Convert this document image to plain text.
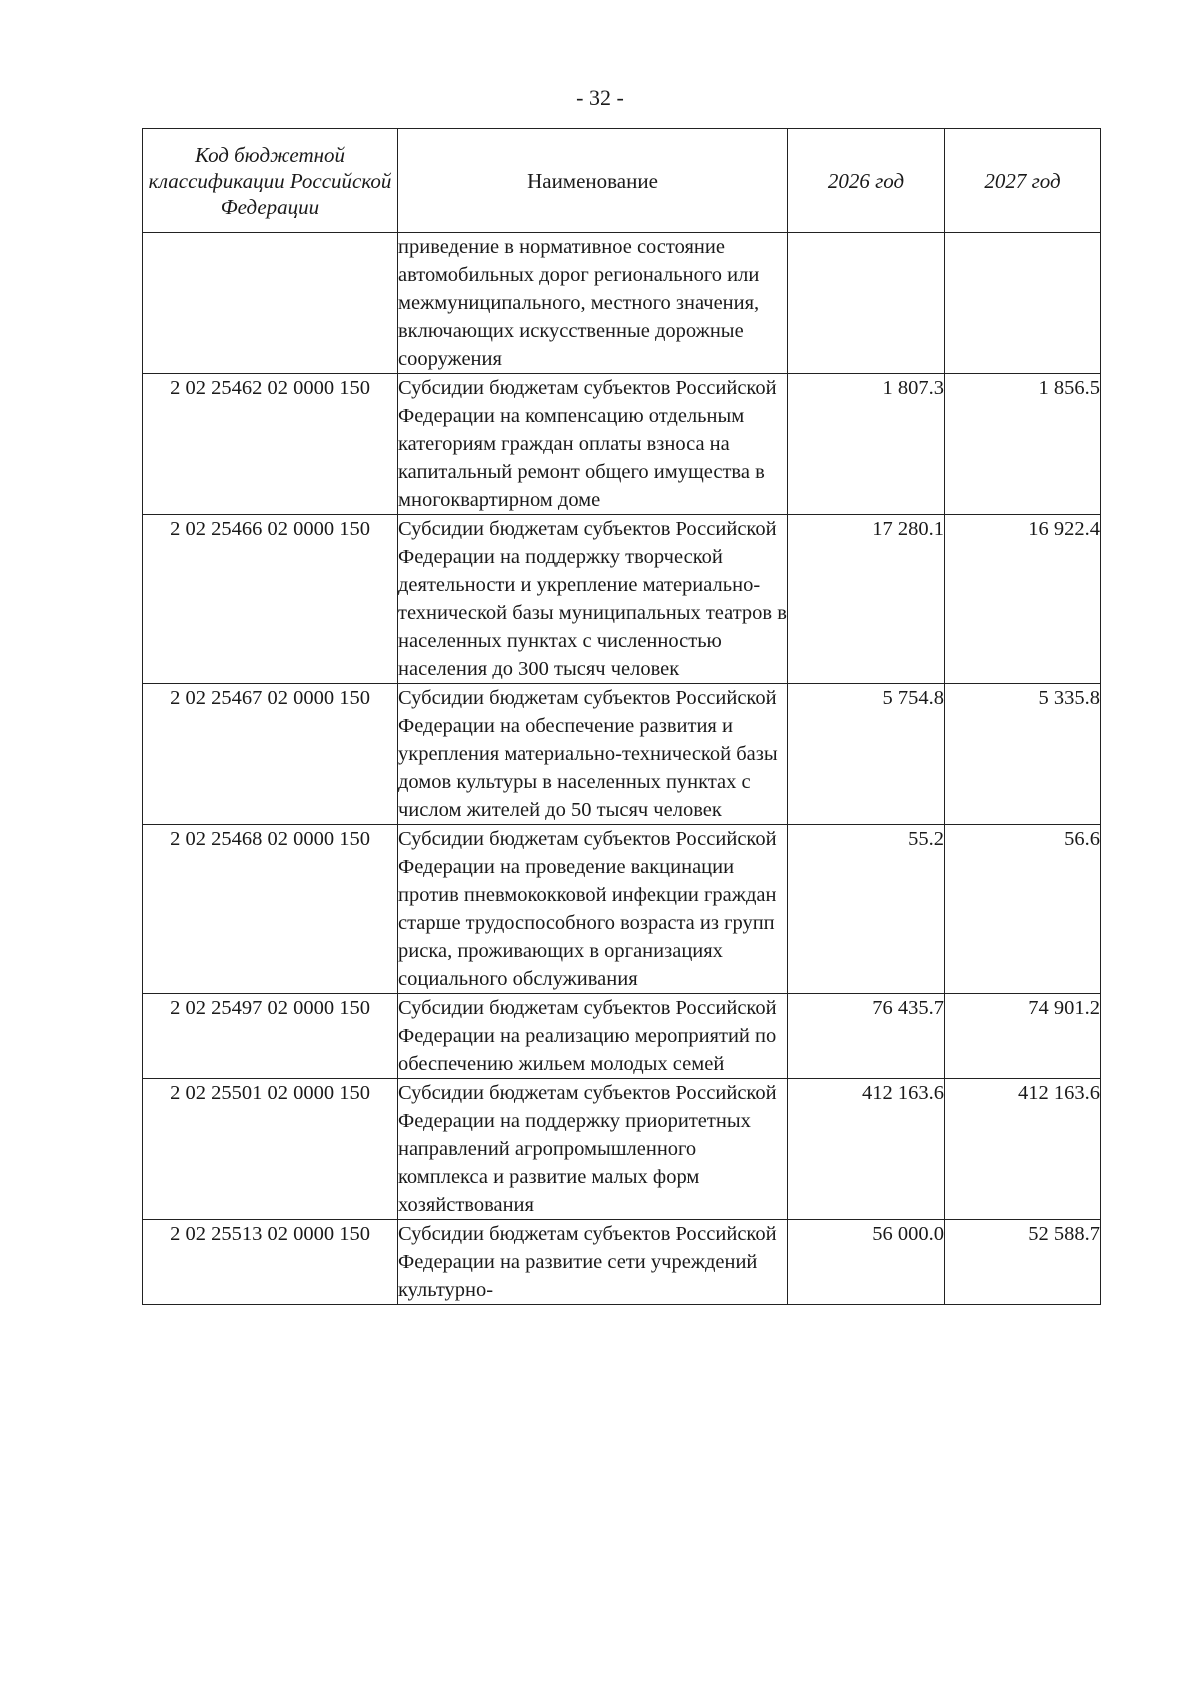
- 32 -
Код бюджетной классификации Российской Федерации	Наименование	2026 год	2027 год
	приведение в нормативное состояние автомобильных дорог регионального или межмуниципального, местного значения, включающих искусственные дорожные сооружения		
2 02 25462 02 0000 150	Субсидии бюджетам субъектов Российской Федерации на компенсацию отдельным категориям граждан оплаты взноса на капитальный ремонт общего имущества в многоквартирном доме	1 807.3	1 856.5
2 02 25466 02 0000 150	Субсидии бюджетам субъектов Российской Федерации на поддержку творческой деятельности и укрепление материально-технической базы муниципальных театров в населенных пунктах с численностью населения до 300 тысяч человек	17 280.1	16 922.4
2 02 25467 02 0000 150	Субсидии бюджетам субъектов Российской Федерации на обеспечение развития и укрепления материально-технической базы домов культуры в населенных пунктах с числом жителей до 50 тысяч человек	5 754.8	5 335.8
2 02 25468 02 0000 150	Субсидии бюджетам субъектов Российской Федерации на проведение вакцинации против пневмококковой инфекции граждан старше трудоспособного возраста из групп риска, проживающих в организациях социального обслуживания	55.2	56.6
2 02 25497 02 0000 150	Субсидии бюджетам субъектов Российской Федерации на реализацию мероприятий по обеспечению жильем молодых семей	76 435.7	74 901.2
2 02 25501 02 0000 150	Субсидии бюджетам субъектов Российской Федерации на поддержку приоритетных направлений агропромышленного комплекса и развитие малых форм хозяйствования	412 163.6	412 163.6
2 02 25513 02 0000 150	Субсидии бюджетам субъектов Российской Федерации на развитие сети учреждений культурно-	56 000.0	52 588.7
